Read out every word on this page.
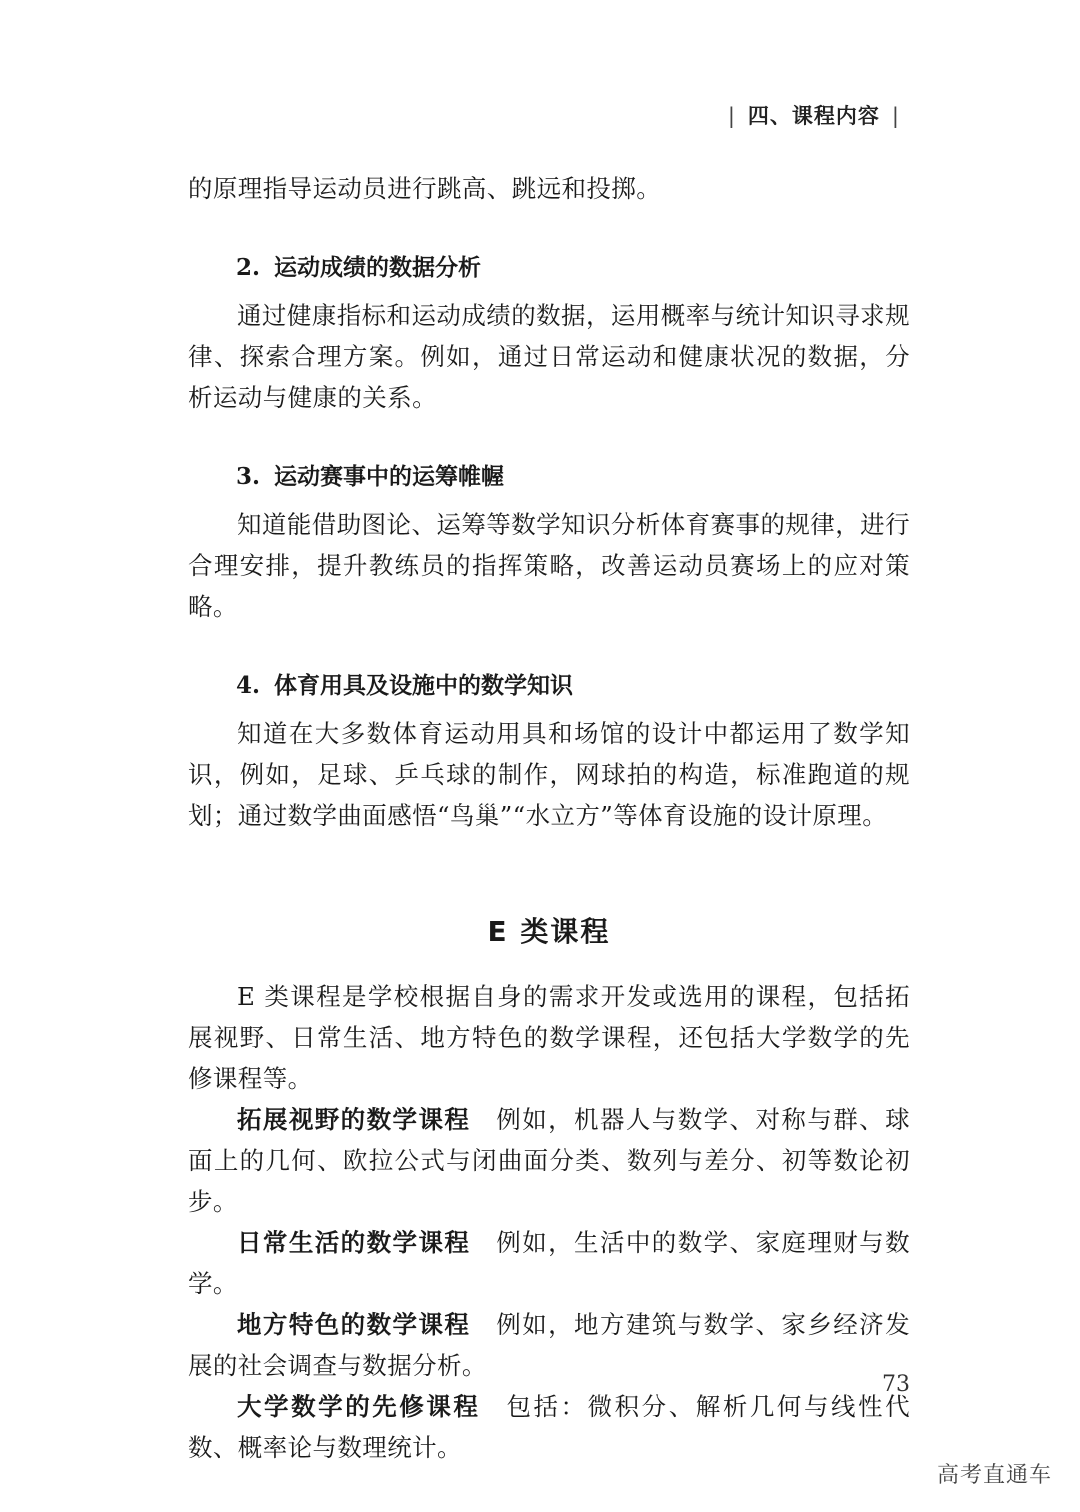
| 四、课程内容 |

的原理指导运动员进行跳高、跳远和投掷。

2. 运动成绩的数据分析

通过健康指标和运动成绩的数据，运用概率与统计知识寻求规律、探索合理方案。例如，通过日常运动和健康状况的数据，分析运动与健康的关系。

3. 运动赛事中的运筹帷幄

知道能借助图论、运筹等数学知识分析体育赛事的规律，进行合理安排，提升教练员的指挥策略，改善运动员赛场上的应对策略。

4. 体育用具及设施中的数学知识

知道在大多数体育运动用具和场馆的设计中都运用了数学知识，例如，足球、乒乓球的制作，网球拍的构造，标准跑道的规划；通过数学曲面感悟“鸟巢”“水立方”等体育设施的设计原理。

E 类课程

E 类课程是学校根据自身的需求开发或选用的课程，包括拓展视野、日常生活、地方特色的数学课程，还包括大学数学的先修课程等。

拓展视野的数学课程 例如，机器人与数学、对称与群、球面上的几何、欧拉公式与闭曲面分类、数列与差分、初等数论初步。

日常生活的数学课程 例如，生活中的数学、家庭理财与数学。

地方特色的数学课程 例如，地方建筑与数学、家乡经济发展的社会调查与数据分析。

大学数学的先修课程 包括：微积分、解析几何与线性代数、概率论与数理统计。

73
高考直通车
